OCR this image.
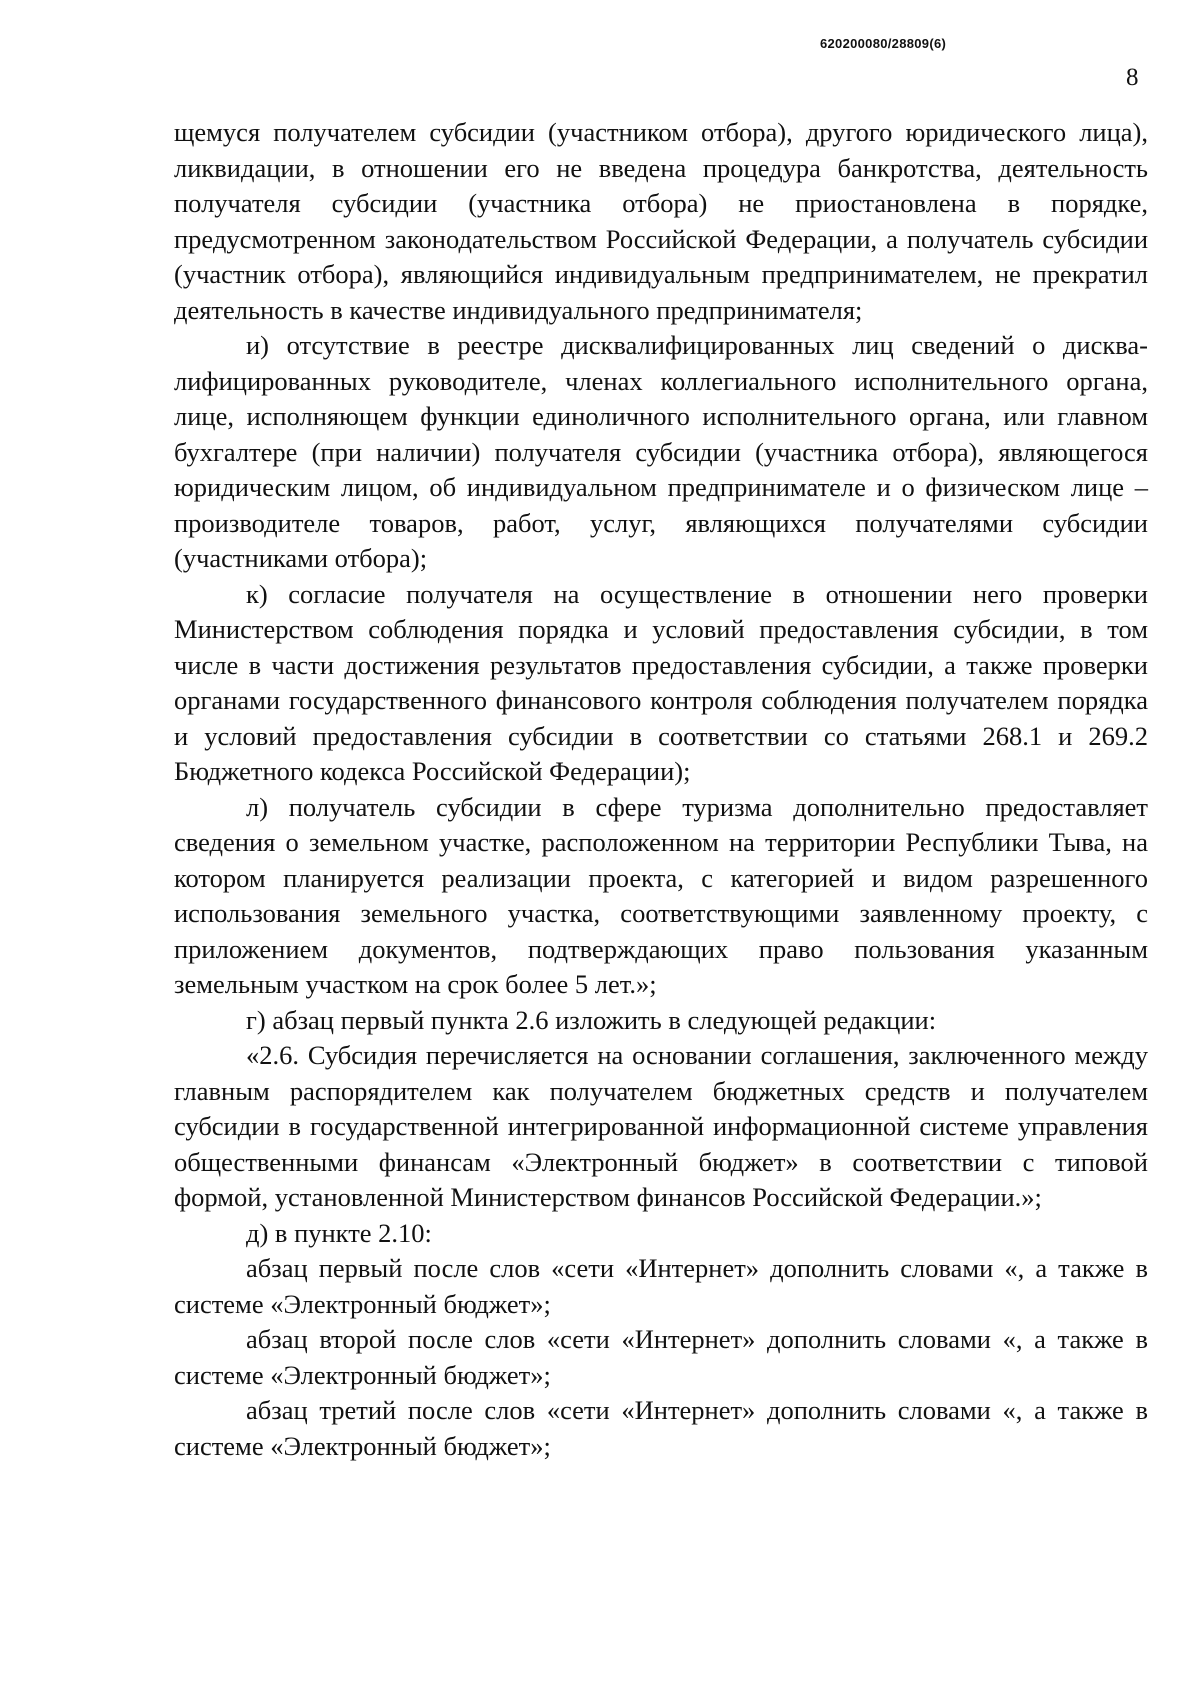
620200080/28809(6)
8

щемуся получателем субсидии (участником отбора), другого юридического лица), ликвидации, в отношении его не введена процедура банкротства, деятельность получателя субсидии (участника отбора) не приостановлена в порядке, предусмотренном законодательством Российской Федерации, а получатель субсидии (участник отбора), являющийся индивидуальным предпринимателем, не прекратил деятельность в качестве индивидуального предпринимателя;

и) отсутствие в реестре дисквалифицированных лиц сведений о дисквалифицированных руководителе, членах коллегиального исполнительного органа, лице, исполняющем функции единоличного исполнительного органа, или главном бухгалтере (при наличии) получателя субсидии (участника отбора), являющегося юридическим лицом, об индивидуальном предпринимателе и о физическом лице – производителе товаров, работ, услуг, являющихся получателями субсидии (участниками отбора);

к) согласие получателя на осуществление в отношении него проверки Министерством соблюдения порядка и условий предоставления субсидии, в том числе в части достижения результатов предоставления субсидии, а также проверки органами государственного финансового контроля соблюдения получателем порядка и условий предоставления субсидии в соответствии со статьями 268.1 и 269.2 Бюджетного кодекса Российской Федерации);

л) получатель субсидии в сфере туризма дополнительно предоставляет сведения о земельном участке, расположенном на территории Республики Тыва, на котором планируется реализации проекта, с категорией и видом разрешенного использования земельного участка, соответствующими заявленному проекту, с приложением документов, подтверждающих право пользования указанным земельным участком на срок более 5 лет.»;

г) абзац первый пункта 2.6 изложить в следующей редакции:

«2.6. Субсидия перечисляется на основании соглашения, заключенного между главным распорядителем как получателем бюджетных средств и получателем субсидии в государственной интегрированной информационной системе управления общественными финансам «Электронный бюджет» в соответствии с типовой формой, установленной Министерством финансов Российской Федерации.»;

д) в пункте 2.10:

абзац первый после слов «сети «Интернет» дополнить словами «, а также в системе «Электронный бюджет»;

абзац второй после слов «сети «Интернет» дополнить словами «, а также в системе «Электронный бюджет»;

абзац третий после слов «сети «Интернет» дополнить словами «, а также в системе «Электронный бюджет»;
